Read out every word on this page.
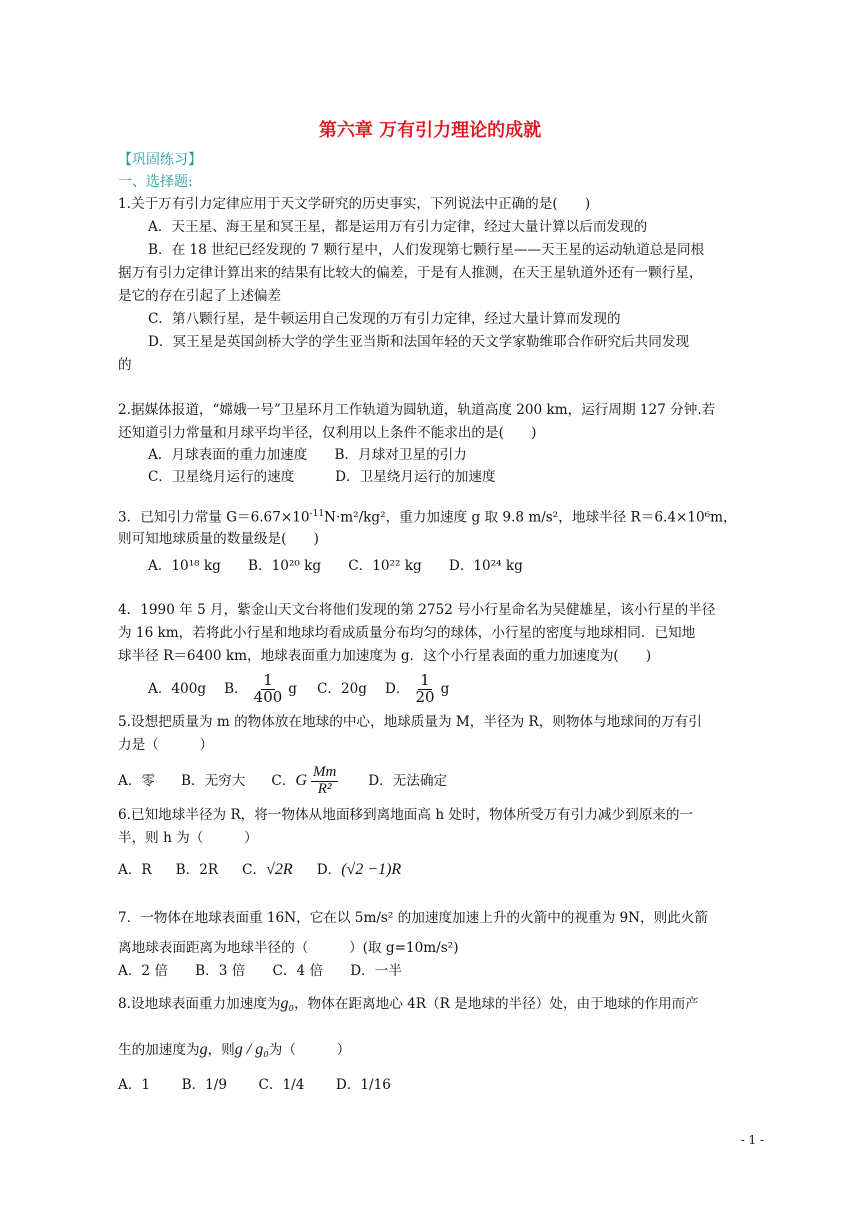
第六章 万有引力理论的成就
【巩固练习】
一、选择题:
1.关于万有引力定律应用于天文学研究的历史事实，下列说法中正确的是(　　)
A．天王星、海王星和冥王星，都是运用万有引力定律，经过大量计算以后而发现的
B．在 18 世纪已经发现的 7 颗行星中，人们发现第七颗行星——天王星的运动轨道总是同根
据万有引力定律计算出来的结果有比较大的偏差，于是有人推测，在天王星轨道外还有一颗行星，
是它的存在引起了上述偏差
C．第八颗行星，是牛顿运用自己发现的万有引力定律，经过大量计算而发现的
D．冥王星是英国剑桥大学的学生亚当斯和法国年轻的天文学家勒维耶合作研究后共同发现
的
2.据媒体报道，“嫦娥一号”卫星环月工作轨道为圆轨道，轨道高度 200 km，运行周期 127 分钟.若
还知道引力常量和月球平均半径，仅利用以上条件不能求出的是(　　)
A．月球表面的重力加速度　　B．月球对卫星的引力
C．卫星绕月运行的速度　　　D．卫星绕月运行的加速度
3．已知引力常量 $G=6.67\times 10^{-11}N\cdot m^2$/kg²，重力加速度 g 取 9.8 m/s²，地球半径 R＝6.4×10⁶m，
则可知地球质量的数量级是(　　)
A．10¹⁸ kg　　B．10²⁰ kg　　C．10²² kg　　D．10²⁴ kg
4．1990 年 5 月，紫金山天文台将他们发现的第 2752 号小行星命名为吴健雄星，该小行星的半径
为 16 km，若将此小行星和地球均看成质量分布均匀的球体，小行星的密度与地球相同．已知地
球半径 R＝6400 km，地球表面重力加速度为 g．这个小行星表面的重力加速度为(　　)
A．400g B． $\frac{1}{400}$ g C．20g D． $\frac{1}{20}$ g
5.设想把质量为 m 的物体放在地球的中心，地球质量为 M，半径为 R，则物体与地球间的万有引
力是（　　　）
A．零 B．无穷大 C． G $\frac{Mm}{\text{R²}}$ D．无法确定
6.已知地球半径为 R，将一物体从地面移到离地面高 h 处时，物体所受万有引力减少到原来的一
半，则 h 为（　　　）
A．R B．2R C． √2R D． (√2 −1)R
7．一物体在地球表面重 16N，它在以 5m/s² 的加速度加速上升的火箭中的视重为 9N，则此火箭
离地球表面距离为地球半径的（　　　）(取 g=10m/s²)
A．2 倍　　B．3 倍　　C．4 倍　　D．一半
8.设地球表面重力加速度为g₀，物体在距离地心 4R（R 是地球的半径）处，由于地球的作用而产
生的加速度为g，则g / g₀为（　　　）
A．1　　 B．1/9　　 C．1/4　　 D．1/16
- 1 -
